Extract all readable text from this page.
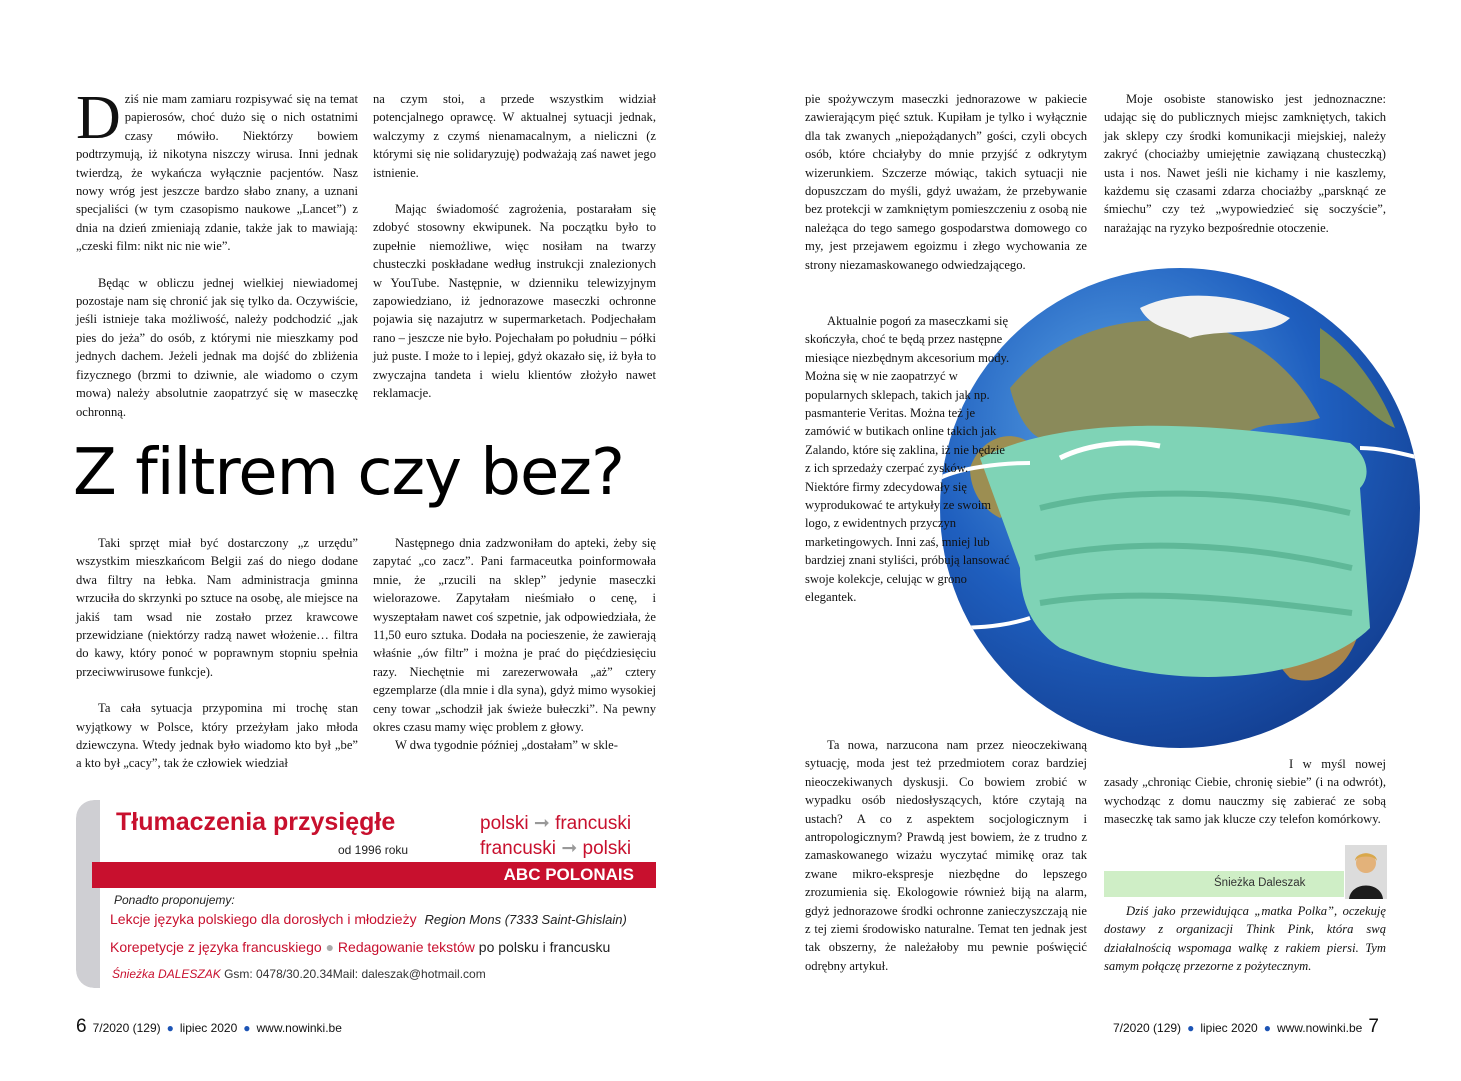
Dziś nie mam zamiaru rozpisywać się na temat papierosów, choć dużo się o nich ostatnimi czasy mówiło. Niektórzy bowiem podtrzymują, iż nikotyna niszczy wirusa. Inni jednak twierdzą, że wykańcza wyłącznie pacjentów. Nasz nowy wróg jest jeszcze bardzo słabo znany, a uznani specjaliści (w tym czasopismo naukowe „Lancet”) z dnia na dzień zmieniają zdanie, także jak to mawiają: „czeski film: nikt nic nie wie”.

Będąc w obliczu jednej wielkiej niewiadomej pozostaje nam się chronić jak się tylko da. Oczywiście, jeśli istnieje taka możliwość, należy podchodzić „jak pies do jeża” do osób, z którymi nie mieszkamy pod jednych dachem. Jeżeli jednak ma dojść do zbliżenia fizycznego (brzmi to dziwnie, ale wiadomo o czym mowa) należy absolutnie zaopatrzyć się w maseczkę ochronną.

na czym stoi, a przede wszystkim widział potencjalnego oprawcę. W aktualnej sytuacji jednak, walczymy z czymś nienamacalnym, a nieliczni (z którymi się nie solidaryzuję) podważają zaś nawet jego istnienie.

Mając świadomość zagrożenia, postarałam się zdobyć stosowny ekwipunek. Na początku było to zupełnie niemożliwe, więc nosiłam na twarzy chusteczki poskładane według instrukcji znalezionych w YouTube. Następnie, w dzienniku telewizyjnym zapowiedziano, iż jednorazowe maseczki ochronne pojawia się nazajutrz w supermarketach. Podjechałam rano – jeszcze nie było. Pojechałam po południu – półki już puste. I może to i lepiej, gdyż okazało się, iż była to zwyczajna tandeta i wielu klientów złożyło nawet reklamacje.

Z filtrem czy bez?

Taki sprzęt miał być dostarczony „z urzędu” wszystkim mieszkańcom Belgii zaś do niego dodane dwa filtry na łebka. Nam administracja gminna wrzuciła do skrzynki po sztuce na osobę, ale miejsce na jakiś tam wsad nie zostało przez krawcowe przewidziane (niektórzy radzą nawet włożenie… filtra do kawy, który ponoć w poprawnym stopniu spełnia przeciwwirusowe funkcje).

Ta cała sytuacja przypomina mi trochę stan wyjątkowy w Polsce, który przeżyłam jako młoda dziewczyna. Wtedy jednak było wiadomo kto był „be” a kto był „cacy”, tak że człowiek wiedział

Następnego dnia zadzwoniłam do apteki, żeby się zapytać „co zacz”. Pani farmaceutka poinformowała mnie, że „rzucili na sklep” jedynie maseczki wielorazowe. Zapytałam nieśmiało o cenę, i wyszeptałam nawet coś szpetnie, jak odpowiedziała, że 11,50 euro sztuka. Dodała na pocieszenie, że zawierają właśnie „ów filtr” i można je prać do pięćdziesięciu razy. Niechętnie mi zarezerwowała „aż” cztery egzemplarze (dla mnie i dla syna), gdyż mimo wysokiej ceny towar „schodził jak świeże bułeczki”. Na pewny okres czasu mamy więc problem z głowy.

W dwa tygodnie później „dostałam” w skle-

Tłumaczenia przysięgłe
od 1996 roku
polski ➞ francuski
francuski ➞ polski
ABC POLONAIS
Ponadto proponujemy:
Lekcje języka polskiego dla dorosłych i młodzieży Region Mons (7333 Saint-Ghislain)
Korepetycje z języka francuskiego ● Redagowanie tekstów po polsku i francusku
Śnieżka DALESZAK Gsm: 0478/30.20.34Mail: daleszak@hotmail.com
6 7/2020 (129) ● lipiec 2020 ● www.nowinki.be

pie spożywczym maseczki jednorazowe w pakiecie zawierającym pięć sztuk. Kupiłam je tylko i wyłącznie dla tak zwanych „niepożądanych” gości, czyli obcych osób, które chciałyby do mnie przyjść z odkrytym wizerunkiem. Szczerze mówiąc, takich sytuacji nie dopuszczam do myśli, gdyż uważam, że przebywanie bez protekcji w zamkniętym pomieszczeniu z osobą nie należąca do tego samego gospodarstwa domowego co my, jest przejawem egoizmu i złego wychowania ze strony niezamaskowanego odwiedzającego.

Aktualnie pogoń za maseczkami się skończyła, choć te będą przez następne miesiące niezbędnym akcesorium mody. Można się w nie zaopatrzyć w popularnych sklepach, takich jak np. pasmanterie Veritas. Można też je zamówić w butikach online takich jak Zalando, które się zaklina, iż nie będzie z ich sprzedaży czerpać zysków. Niektóre firmy zdecydowały się wyprodukować te artykuły ze swoim logo, z ewidentnych przyczyn marketingowych. Inni zaś, mniej lub bardziej znani styliści, próbują lansować swoje kolekcje, celując w grono elegantek.

Ta nowa, narzucona nam przez nieoczekiwaną sytuację, moda jest też przedmiotem coraz bardziej nieoczekiwanych dyskusji. Co bowiem zrobić w wypadku osób niedosłyszących, które czytają na ustach? A co z aspektem socjologicznym i antropologicznym? Prawdą jest bowiem, że z trudno z zamaskowanego wizażu wyczytać mimikę oraz tak zwane mikro-ekspresje niezbędne do lepszego zrozumienia się. Ekologowie również biją na alarm, gdyż jednorazowe środki ochronne zanieczyszczają nie z tej ziemi środowisko naturalne. Temat ten jednak jest tak obszerny, że należałoby mu pewnie poświęcić odrębny artykuł.

Moje osobiste stanowisko jest jednoznaczne: udając się do publicznych miejsc zamkniętych, takich jak sklepy czy środki komunikacji miejskiej, należy zakryć (chociażby umiejętnie zawiązaną chusteczką) usta i nos. Nawet jeśli nie kichamy i nie kaszlemy, każdemu się czasami zdarza chociażby „parsknąć ze śmiechu” czy też „wypowiedzieć się soczyście”, narażając na ryzyko bezpośrednie otoczenie.

I w myśl nowej zasady „chroniąc Ciebie, chronię siebie” (i na odwrót), wychodząc z domu nauczmy się zabierać ze sobą maseczkę tak samo jak klucze czy telefon komórkowy.

Śnieżka Daleszak

Dziś jako przewidująca „matka Polka”, oczekuję dostawy z organizacji Think Pink, która swą działalnością wspomaga walkę z rakiem piersi. Tym samym połączę przezorne z pożytecznym.

7/2020 (129) ● lipiec 2020 ● www.nowinki.be 7
